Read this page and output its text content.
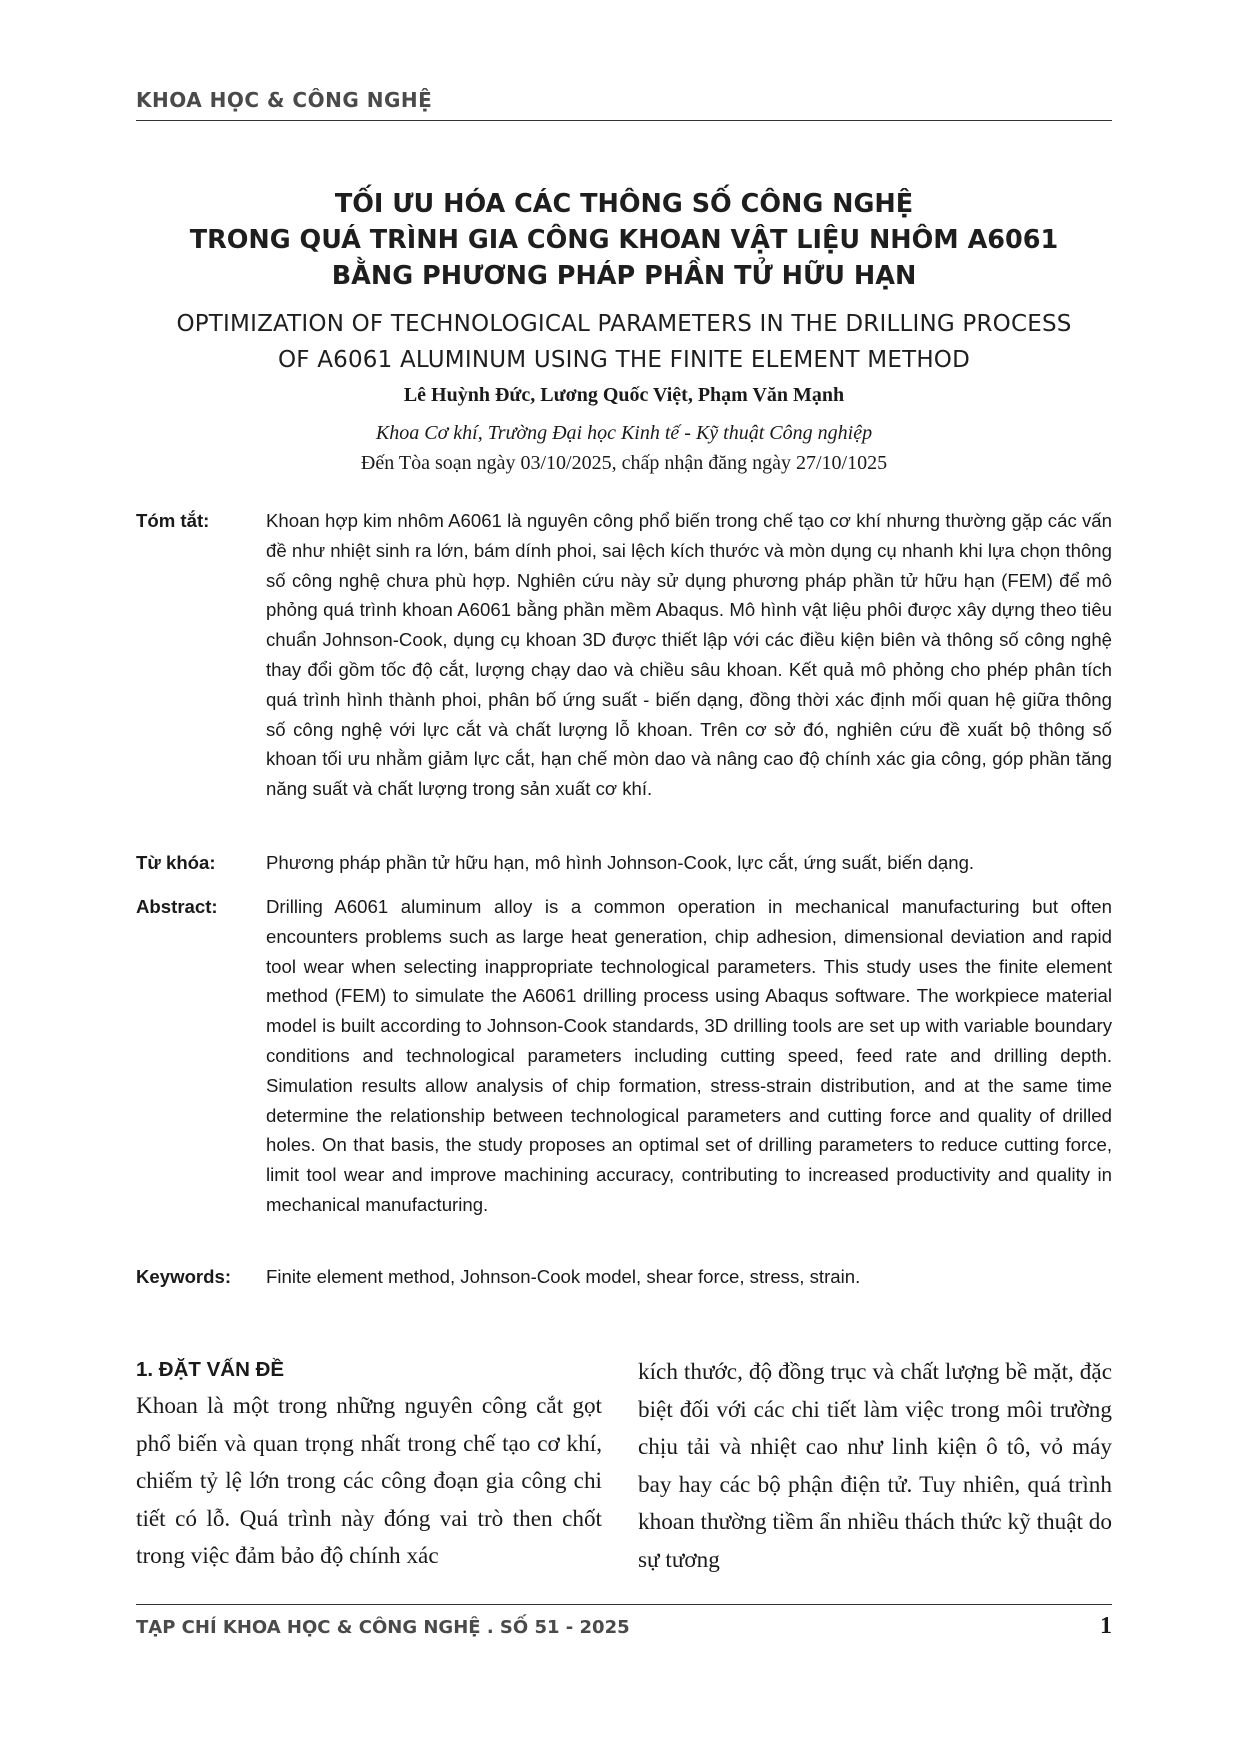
KHOA HỌC & CÔNG NGHỆ
TỐI ƯU HÓA CÁC THÔNG SỐ CÔNG NGHỆ
TRONG QUÁ TRÌNH GIA CÔNG KHOAN VẬT LIỆU NHÔM A6061
BẰNG PHƯƠNG PHÁP PHẦN TỬ HỮU HẠN
OPTIMIZATION OF TECHNOLOGICAL PARAMETERS IN THE DRILLING PROCESS
OF A6061 ALUMINUM USING THE FINITE ELEMENT METHOD
Lê Huỳnh Đức, Lương Quốc Việt, Phạm Văn Mạnh
Khoa Cơ khí, Trường Đại học Kinh tế - Kỹ thuật Công nghiệp
Đến Tòa soạn ngày 03/10/2025, chấp nhận đăng ngày 27/10/1025
Tóm tắt:	Khoan hợp kim nhôm A6061 là nguyên công phổ biến trong chế tạo cơ khí nhưng thường gặp các vấn đề như nhiệt sinh ra lớn, bám dính phoi, sai lệch kích thước và mòn dụng cụ nhanh khi lựa chọn thông số công nghệ chưa phù hợp. Nghiên cứu này sử dụng phương pháp phần tử hữu hạn (FEM) để mô phỏng quá trình khoan A6061 bằng phần mềm Abaqus. Mô hình vật liệu phôi được xây dựng theo tiêu chuẩn Johnson-Cook, dụng cụ khoan 3D được thiết lập với các điều kiện biên và thông số công nghệ thay đổi gồm tốc độ cắt, lượng chạy dao và chiều sâu khoan. Kết quả mô phỏng cho phép phân tích quá trình hình thành phoi, phân bố ứng suất - biến dạng, đồng thời xác định mối quan hệ giữa thông số công nghệ với lực cắt và chất lượng lỗ khoan. Trên cơ sở đó, nghiên cứu đề xuất bộ thông số khoan tối ưu nhằm giảm lực cắt, hạn chế mòn dao và nâng cao độ chính xác gia công, góp phần tăng năng suất và chất lượng trong sản xuất cơ khí.
Từ khóa:	Phương pháp phần tử hữu hạn, mô hình Johnson-Cook, lực cắt, ứng suất, biến dạng.
Abstract:	Drilling A6061 aluminum alloy is a common operation in mechanical manufacturing but often encounters problems such as large heat generation, chip adhesion, dimensional deviation and rapid tool wear when selecting inappropriate technological parameters. This study uses the finite element method (FEM) to simulate the A6061 drilling process using Abaqus software. The workpiece material model is built according to Johnson-Cook standards, 3D drilling tools are set up with variable boundary conditions and technological parameters including cutting speed, feed rate and drilling depth. Simulation results allow analysis of chip formation, stress-strain distribution, and at the same time determine the relationship between technological parameters and cutting force and quality of drilled holes. On that basis, the study proposes an optimal set of drilling parameters to reduce cutting force, limit tool wear and improve machining accuracy, contributing to increased productivity and quality in mechanical manufacturing.
Keywords:	Finite element method, Johnson-Cook model, shear force, stress, strain.
1. ĐẶT VẤN ĐỀ

Khoan là một trong những nguyên công cắt gọt phổ biến và quan trọng nhất trong chế tạo cơ khí, chiếm tỷ lệ lớn trong các công đoạn gia công chi tiết có lỗ. Quá trình này đóng vai trò then chốt trong việc đảm bảo độ chính xác

kích thước, độ đồng trục và chất lượng bề mặt, đặc biệt đối với các chi tiết làm việc trong môi trường chịu tải và nhiệt cao như linh kiện ô tô, vỏ máy bay hay các bộ phận điện tử. Tuy nhiên, quá trình khoan thường tiềm ẩn nhiều thách thức kỹ thuật do sự tương

TẠP CHÍ KHOA HỌC & CÔNG NGHỆ . SỐ 51 - 2025	1
